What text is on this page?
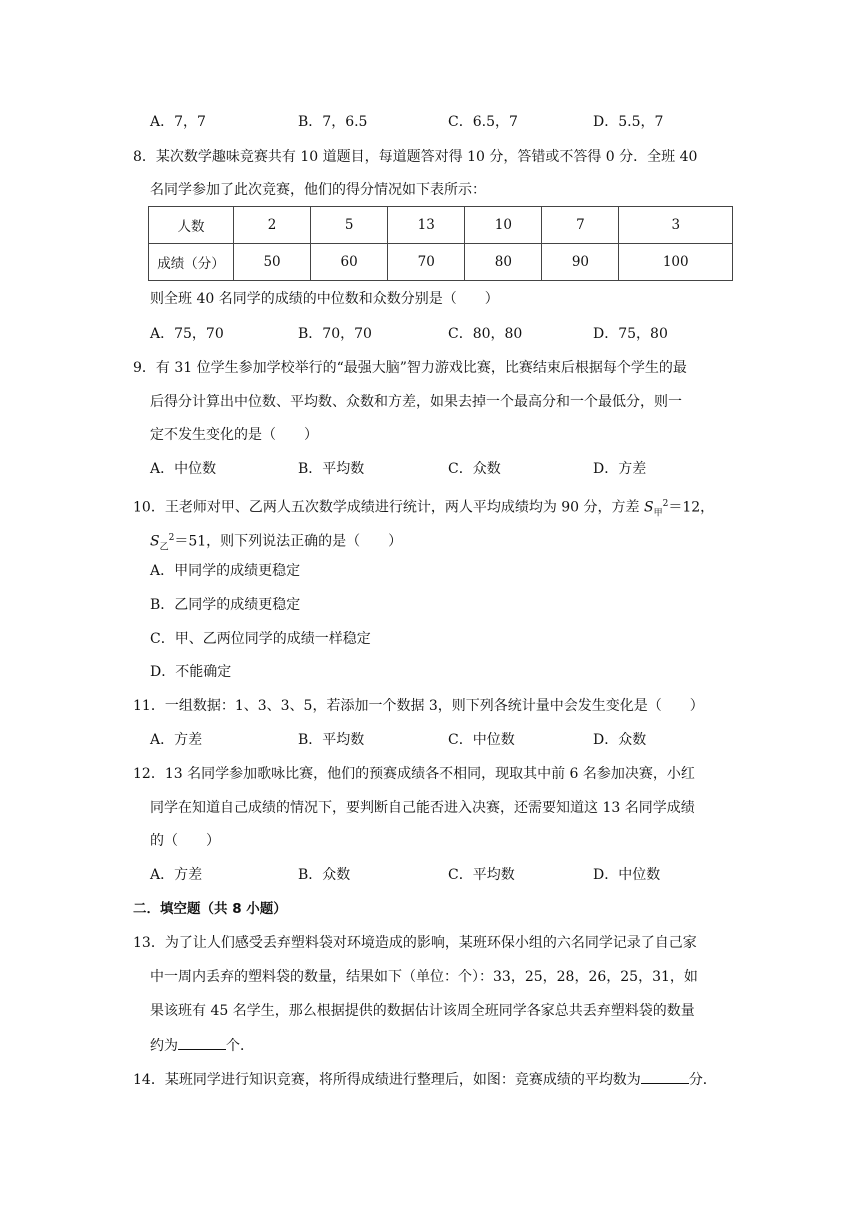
A．7，7	B．7，6.5	C．6.5，7	D．5.5，7
8．某次数学趣味竞赛共有 10 道题目，每道题答对得 10 分，答错或不答得 0 分．全班 40
名同学参加了此次竞赛，他们的得分情况如下表所示：
人数	2	5	13	10	7	3
成绩（分）	50	60	70	80	90	100
则全班 40 名同学的成绩的中位数和众数分别是（　　）
A．75，70	B．70，70	C．80，80	D．75，80
9．有 31 位学生参加学校举行的“最强大脑”智力游戏比赛，比赛结束后根据每个学生的最
后得分计算出中位数、平均数、众数和方差，如果去掉一个最高分和一个最低分，则一
定不发生变化的是（　　）
A．中位数	B．平均数	C．众数	D．方差
10．王老师对甲、乙两人五次数学成绩进行统计，两人平均成绩均为 90 分，方差 $S_甲^2=12$，
$S_乙^2=51$，则下列说法正确的是（　　）
A．甲同学的成绩更稳定
B．乙同学的成绩更稳定
C．甲、乙两位同学的成绩一样稳定
D．不能确定
11．一组数据：1、3、3、5，若添加一个数据 3，则下列各统计量中会发生变化是（　　）
A．方差	B．平均数	C．中位数	D．众数
12．13 名同学参加歌咏比赛，他们的预赛成绩各不相同，现取其中前 6 名参加决赛，小红
同学在知道自己成绩的情况下，要判断自己能否进入决赛，还需要知道这 13 名同学成绩
的（　　）
A．方差	B．众数	C．平均数	D．中位数
二．填空题（共 8 小题）
13．为了让人们感受丢弃塑料袋对环境造成的影响，某班环保小组的六名同学记录了自己家
中一周内丢弃的塑料袋的数量，结果如下（单位：个）：33，25，28，26，25，31，如
果该班有 45 名学生，那么根据提供的数据估计该周全班同学各家总共丢弃塑料袋的数量
约为	个．
14．某班同学进行知识竞赛，将所得成绩进行整理后，如图：竞赛成绩的平均数为	分．
